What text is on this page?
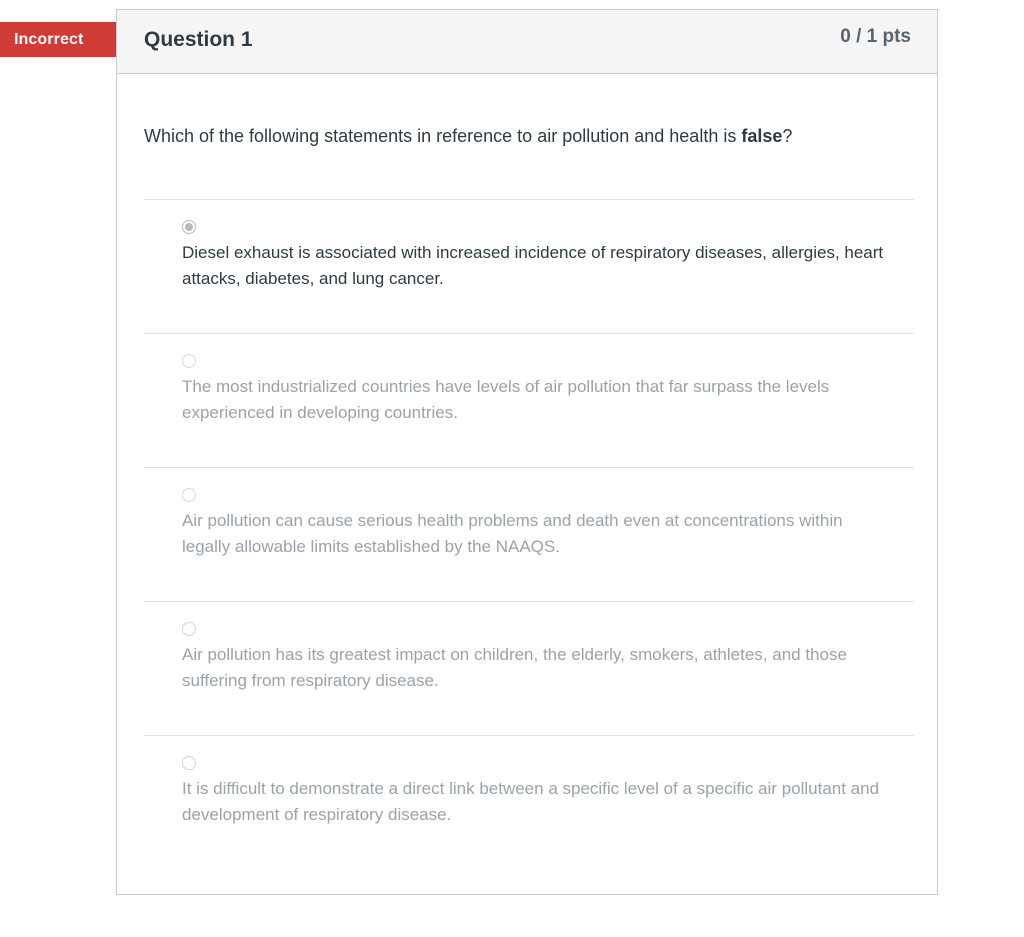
Incorrect	Question 1	0 / 1 pts
Which of the following statements in reference to air pollution and health is false?
Diesel exhaust is associated with increased incidence of respiratory diseases, allergies, heart attacks, diabetes, and lung cancer.
The most industrialized countries have levels of air pollution that far surpass the levels experienced in developing countries.
Air pollution can cause serious health problems and death even at concentrations within legally allowable limits established by the NAAQS.
Air pollution has its greatest impact on children, the elderly, smokers, athletes, and those suffering from respiratory disease.
It is difficult to demonstrate a direct link between a specific level of a specific air pollutant and development of respiratory disease.
